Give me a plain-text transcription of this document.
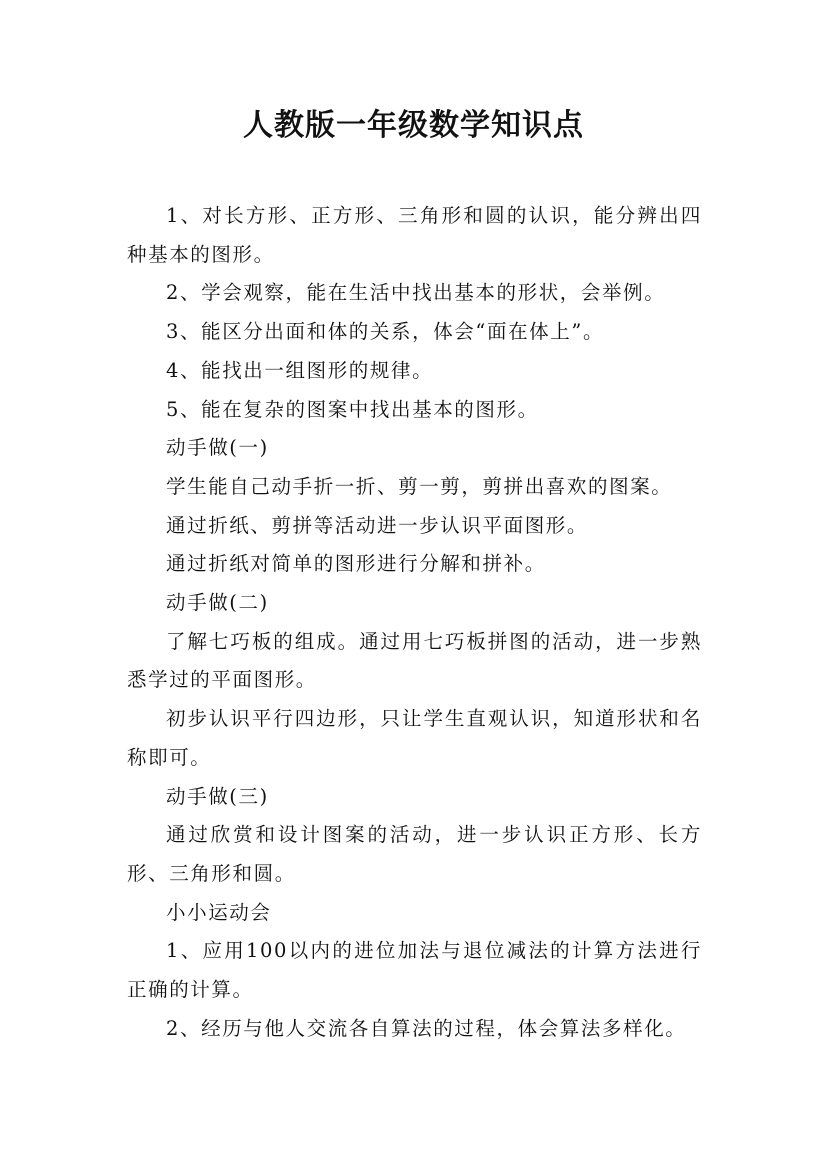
人教版一年级数学知识点

1、对长方形、正方形、三角形和圆的认识，能分辨出四种基本的图形。

2、学会观察，能在生活中找出基本的形状，会举例。

3、能区分出面和体的关系，体会“面在体上”。

4、能找出一组图形的规律。

5、能在复杂的图案中找出基本的图形。

动手做(一)

学生能自己动手折一折、剪一剪，剪拼出喜欢的图案。

通过折纸、剪拼等活动进一步认识平面图形。

通过折纸对简单的图形进行分解和拼补。

动手做(二)

了解七巧板的组成。通过用七巧板拼图的活动，进一步熟悉学过的平面图形。

初步认识平行四边形，只让学生直观认识，知道形状和名称即可。

动手做(三)

通过欣赏和设计图案的活动，进一步认识正方形、长方形、三角形和圆。

小小运动会

1、应用100以内的进位加法与退位减法的计算方法进行正确的计算。

2、经历与他人交流各自算法的过程，体会算法多样化。
